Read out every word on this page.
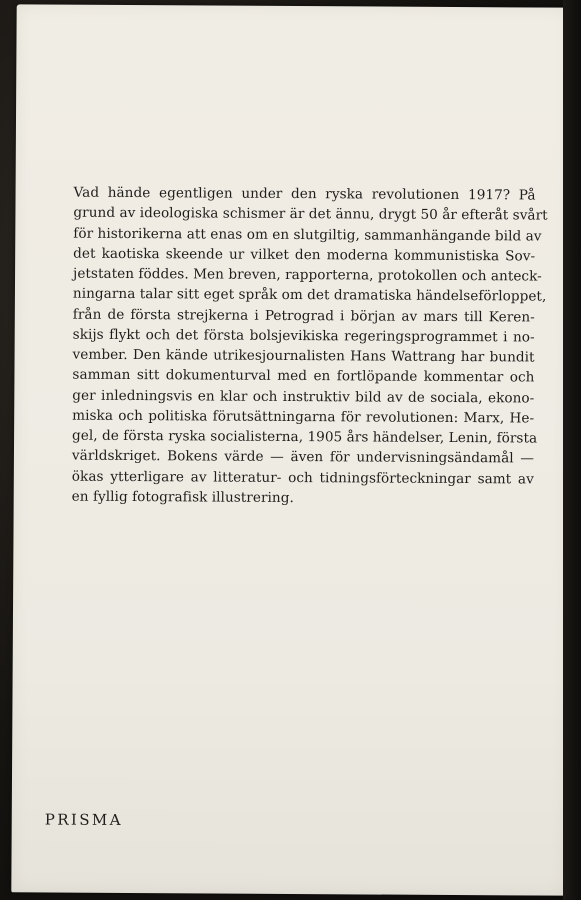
Vad hände egentligen under den ryska revolutionen 1917? På
grund av ideologiska schismer är det ännu, drygt 50 år efteråt svårt
för historikerna att enas om en slutgiltig, sammanhängande bild av
det kaotiska skeende ur vilket den moderna kommunistiska Sov-
jetstaten föddes. Men breven, rapporterna, protokollen och anteck-
ningarna talar sitt eget språk om det dramatiska händelseförloppet,
från de första strejkerna i Petrograd i början av mars till Keren-
skijs flykt och det första bolsjevikiska regeringsprogrammet i no-
vember. Den kände utrikesjournalisten Hans Wattrang har bundit
samman sitt dokumenturval med en fortlöpande kommentar och
ger inledningsvis en klar och instruktiv bild av de sociala, ekono-
miska och politiska förutsättningarna för revolutionen: Marx, He-
gel, de första ryska socialisterna, 1905 års händelser, Lenin, första
världskriget. Bokens värde — även för undervisningsändamål —
ökas ytterligare av litteratur- och tidningsförteckningar samt av
en fyllig fotografisk illustrering.

PRISMA
